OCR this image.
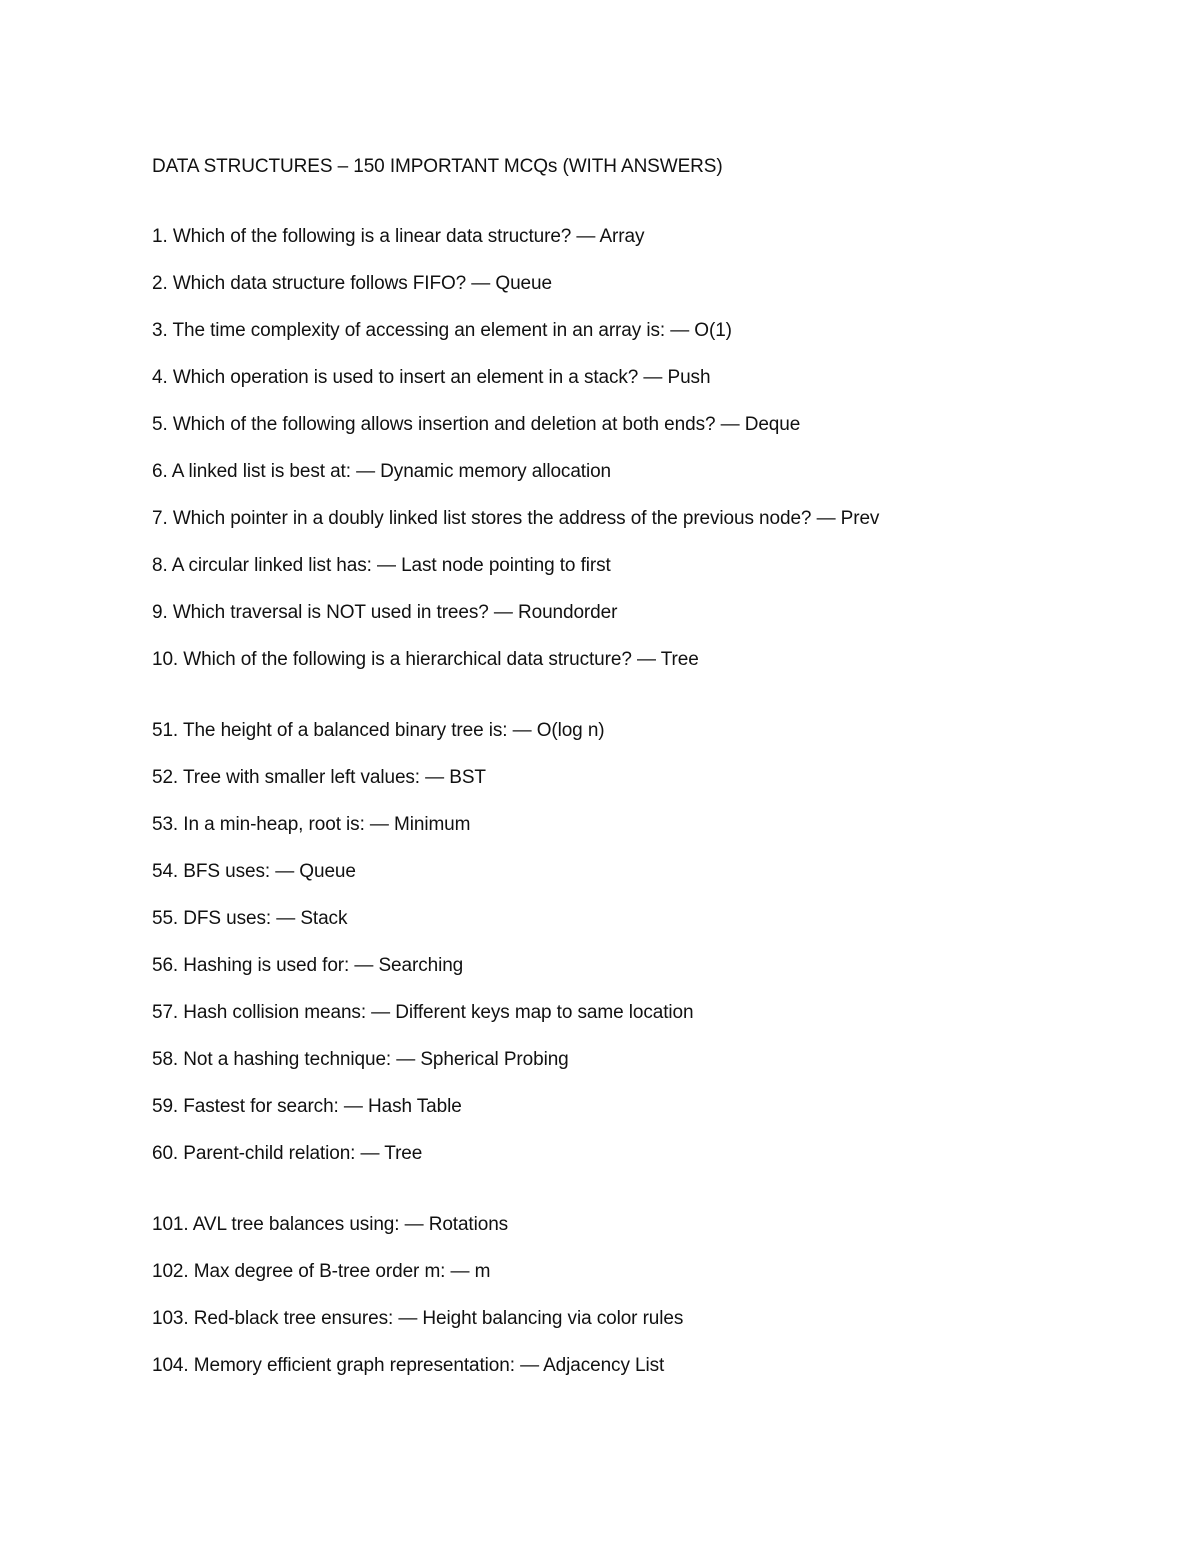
DATA STRUCTURES – 150 IMPORTANT MCQs (WITH ANSWERS)
1. Which of the following is a linear data structure? — Array
2. Which data structure follows FIFO? — Queue
3. The time complexity of accessing an element in an array is: — O(1)
4. Which operation is used to insert an element in a stack? — Push
5. Which of the following allows insertion and deletion at both ends? — Deque
6. A linked list is best at: — Dynamic memory allocation
7. Which pointer in a doubly linked list stores the address of the previous node? — Prev
8. A circular linked list has: — Last node pointing to first
9. Which traversal is NOT used in trees? — Roundorder
10. Which of the following is a hierarchical data structure? — Tree
51. The height of a balanced binary tree is: — O(log n)
52. Tree with smaller left values: — BST
53. In a min-heap, root is: — Minimum
54. BFS uses: — Queue
55. DFS uses: — Stack
56. Hashing is used for: — Searching
57. Hash collision means: — Different keys map to same location
58. Not a hashing technique: — Spherical Probing
59. Fastest for search: — Hash Table
60. Parent-child relation: — Tree
101. AVL tree balances using: — Rotations
102. Max degree of B-tree order m: — m
103. Red-black tree ensures: — Height balancing via color rules
104. Memory efficient graph representation: — Adjacency List
